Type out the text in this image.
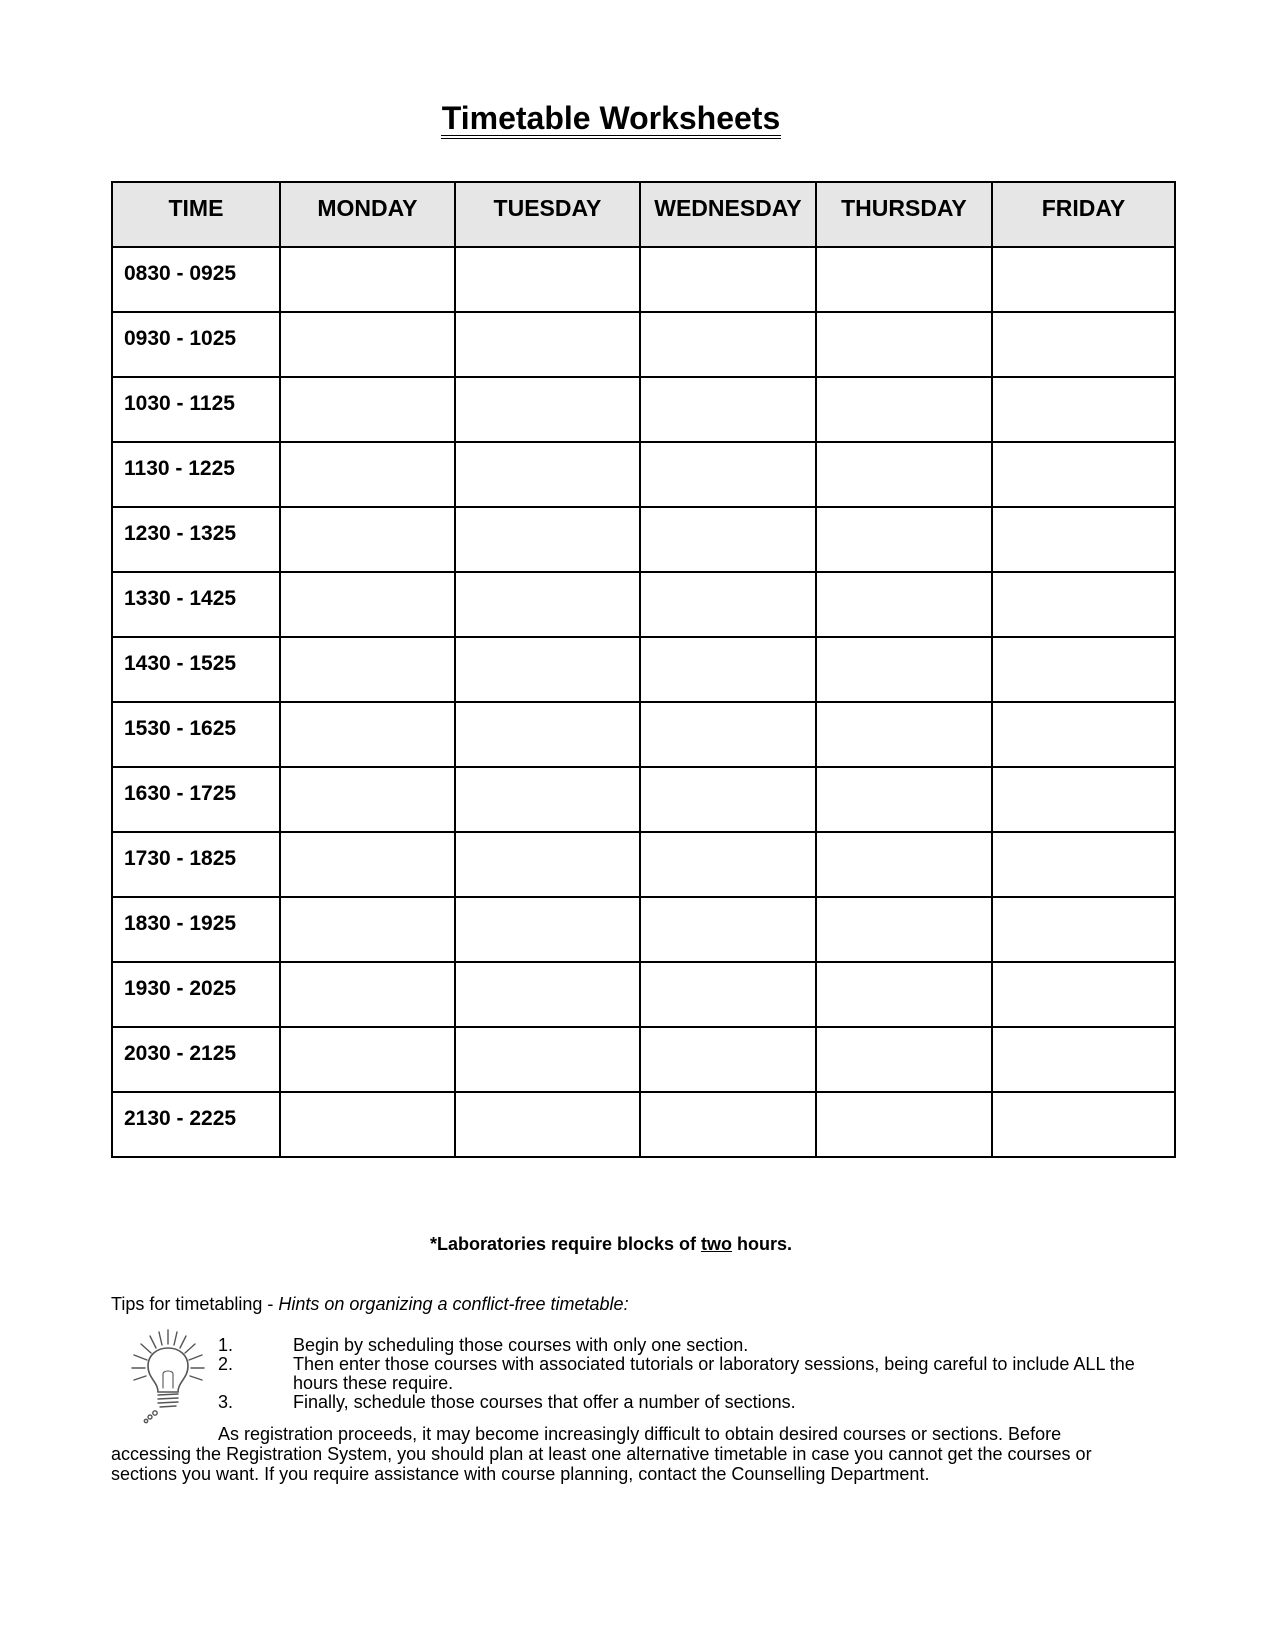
Timetable Worksheets
TIME	MONDAY	TUESDAY	WEDNESDAY	THURSDAY	FRIDAY
0830 - 0925					
0930 - 1025					
1030 - 1125					
1130 - 1225					
1230 - 1325					
1330 - 1425					
1430 - 1525					
1530 - 1625					
1630 - 1725					
1730 - 1825					
1830 - 1925					
1930 - 2025					
2030 - 2125					
2130 - 2225					
*Laboratories require blocks of two hours.
Tips for timetabling - Hints on organizing a conflict-free timetable:
1.	Begin by scheduling those courses with only one section.
2.	Then enter those courses with associated tutorials or laboratory sessions, being careful to include ALL the hours these require.
3.	Finally, schedule those courses that offer a number of sections.

As registration proceeds, it may become increasingly difficult to obtain desired courses or sections. Before accessing the Registration System, you should plan at least one alternative timetable in case you cannot get the courses or sections you want. If you require assistance with course planning, contact the Counselling Department.
